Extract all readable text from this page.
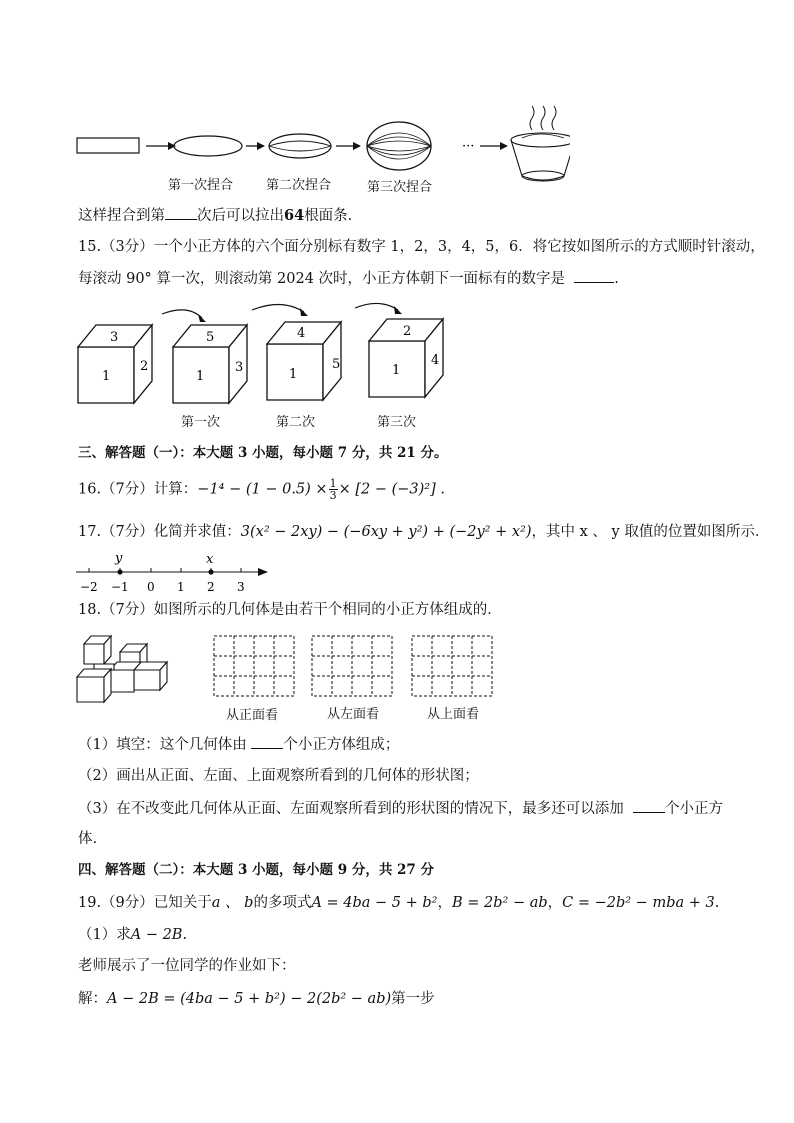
···
第一次捏合	第二次捏合	第三次捏合
这样捏合到第 次后可以拉出64根面条.
15.（3分）一个小正方体的六个面分别标有数字 1，2，3，4，5，6．将它按如图所示的方式顺时针滚动，
每滚动 90° 算一次，则滚动第 2024 次时，小正方体朝下一面标有的数字是	.
1
3
2
1
5
3	1
4
5	1
2
4
第一次	第二次	第三次
三、解答题（一）：本大题 3 小题，每小题 7 分，共 21 分。
16.（7分）计算：$-1^4 - (1 - 0.5) \times \frac{1}{3} \times [2 - (-3)^2]$ .
17.（7分）化简并求值：3(x² − 2xy) − (−6xy + y²) + (−2y² + x²)，其中 x 、 y 取值的位置如图所示．
y	x
−2 −1 0 1 2 3
18.（7分）如图所示的几何体是由若干个相同的小正方体组成的．
从正面看	从左面看	从上面看
（1）填空：这个几何体由	个小正方体组成；
（2）画出从正面、左面、上面观察所看到的几何体的形状图；
（3）在不改变此几何体从正面、左面观察所看到的形状图的情况下，最多还可以添加	个小正方
体.
四、解答题（二）：本大题 3 小题，每小题 9 分，共 27 分
19.（9分）已知关于a 、 b的多项式A = 4ba − 5 + b²，B = 2b² − ab，C = −2b² − mba + 3.
（1）求A − 2B.
老师展示了一位同学的作业如下：
解：A − 2B = (4ba − 5 + b²) − 2(2b² − ab)第一步
